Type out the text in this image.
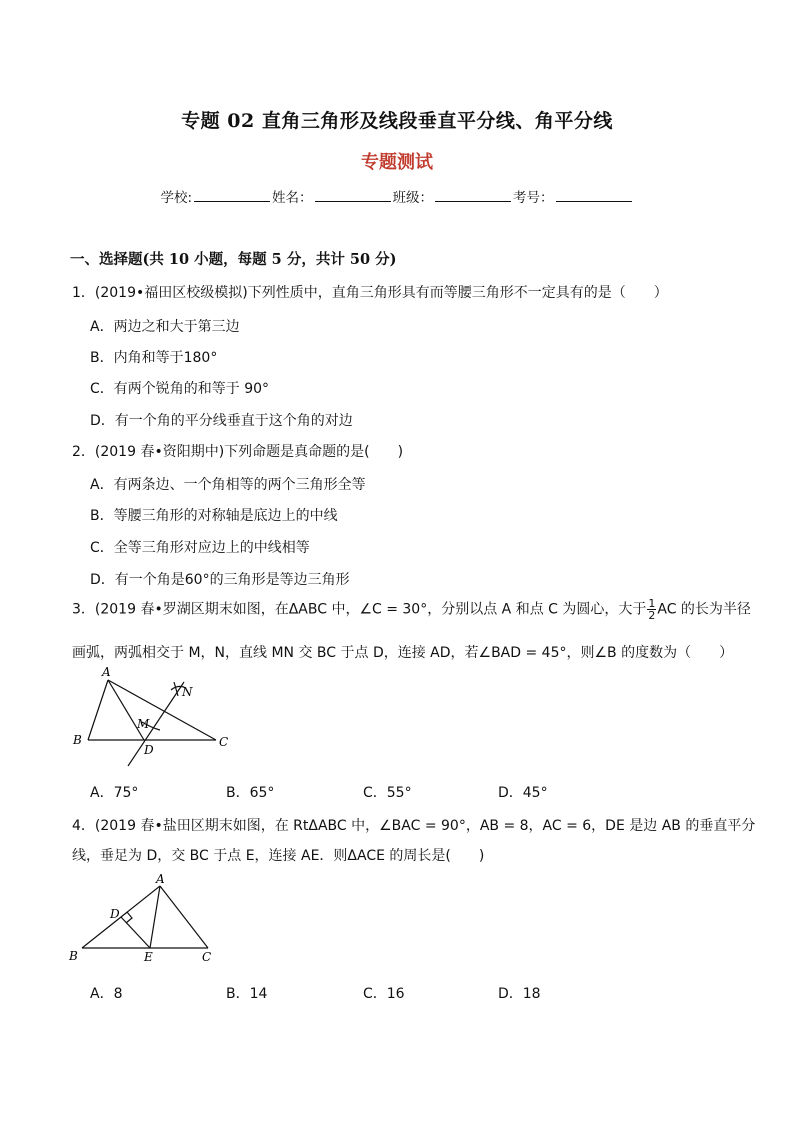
专题 02 直角三角形及线段垂直平分线、角平分线
专题测试
学校:	姓名：	班级：	考号：
一、选择题(共 10 小题，每题 5 分，共计 50 分)
1．(2019•福田区校级模拟)下列性质中，直角三角形具有而等腰三角形不一定具有的是（　　）
A．两边之和大于第三边
B．内角和等于180°
C．有两个锐角的和等于 90°
D．有一个角的平分线垂直于这个角的对边
2．(2019 春•资阳期中)下列命题是真命题的是(　　)
A．有两条边、一个角相等的两个三角形全等
B．等腰三角形的对称轴是底边上的中线
C．全等三角形对应边上的中线相等
D．有一个角是60°的三角形是等边三角形
3．(2019 春•罗湖区期末如图，在ΔABC 中，∠C = 30°，分别以点 A 和点 C 为圆心，大于 $\frac{1}{2}$ AC 的长为半径
画弧，两弧相交于 M，N，直线 MN 交 BC 于点 D，连接 AD，若∠BAD = 45°，则∠B 的度数为（　　）
A
B	C
D
M
N
A．75°	B．65°	C．55°	D．45°
4．(2019 春•盐田区期末如图，在 RtΔABC 中，∠BAC = 90°，AB = 8，AC = 6，DE 是边 AB 的垂直平分
线，垂足为 D，交 BC 于点 E，连接 AE．则ΔACE 的周长是(　　)
A
B	C
D
E
A．8	B．14	C．16	D．18
